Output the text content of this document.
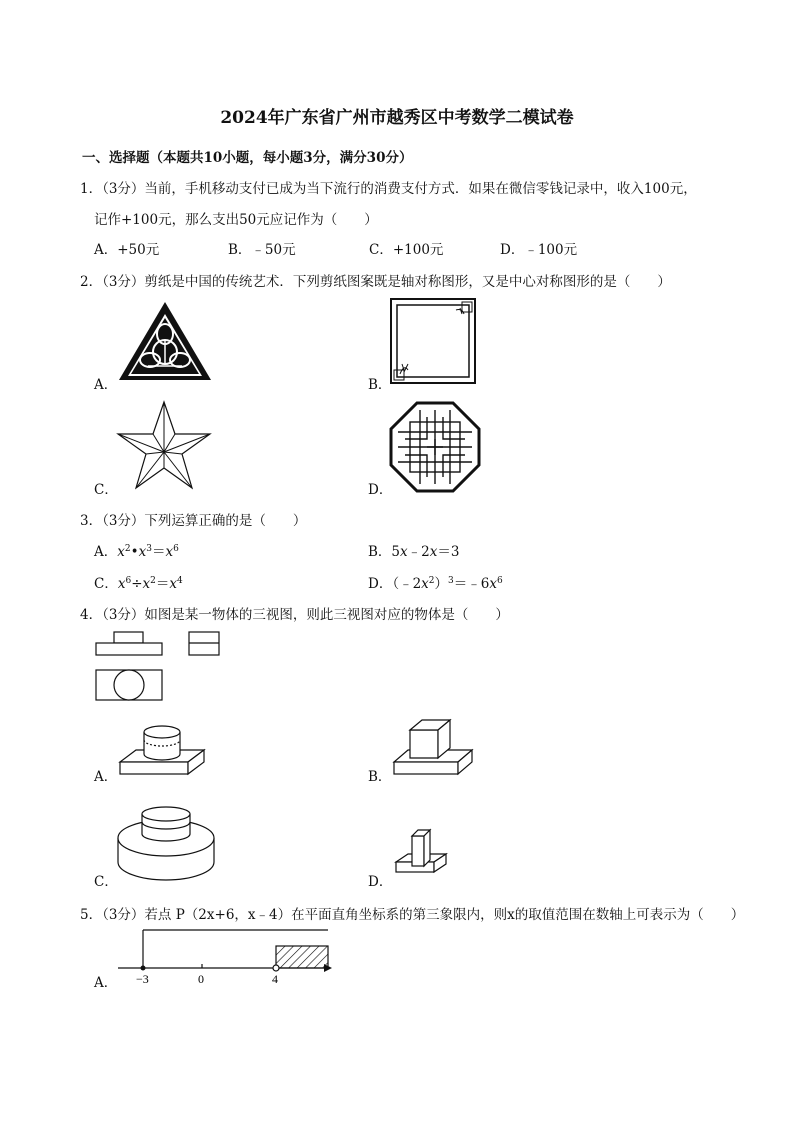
2024年广东省广州市越秀区中考数学二模试卷
一、选择题（本题共10小题，每小题3分，满分30分）
1．（3分）当前，手机移动支付已成为当下流行的消费支付方式．如果在微信零钱记录中，收入100元，
记作+100元，那么支出50元应记作为（　　）
A．+50元	B．﹣50元	C．+100元	D．﹣100元
2．（3分）剪纸是中国的传统艺术．下列剪纸图案既是轴对称图形，又是中心对称图形的是（　　）
A．	B．
C．	D．
3．（3分）下列运算正确的是（　　）
A．$x^2•x^3=x^6$	B．5x﹣2x＝3
C．$x^6\div x^2=x^4$	D．$(﹣2x^2)^3=﹣6x^6$
4．（3分）如图是某一物体的三视图，则此三视图对应的物体是（　　）
A．	B．
C．	D．
5．（3分）若点 P（2x+6，x﹣4）在平面直角坐标系的第三象限内，则x的取值范围在数轴上可表示为（　　）
A． −3	0	4
